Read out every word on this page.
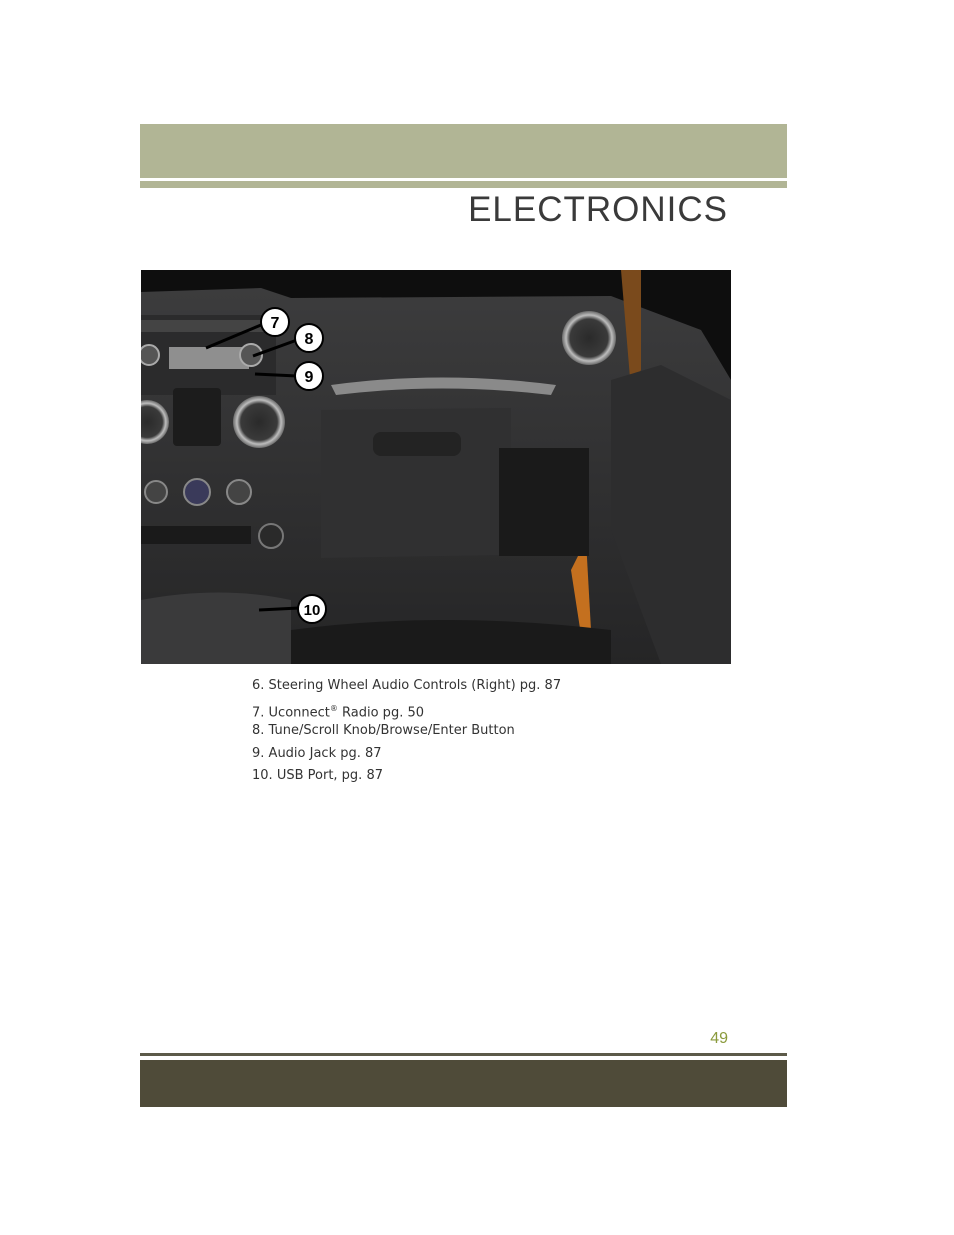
ELECTRONICS
7
8
9
10
6. Steering Wheel Audio Controls (Right) pg. 87
7. Uconnect® Radio pg. 50
8. Tune/Scroll Knob/Browse/Enter Button
9. Audio Jack pg. 87
10. USB Port, pg. 87
49
